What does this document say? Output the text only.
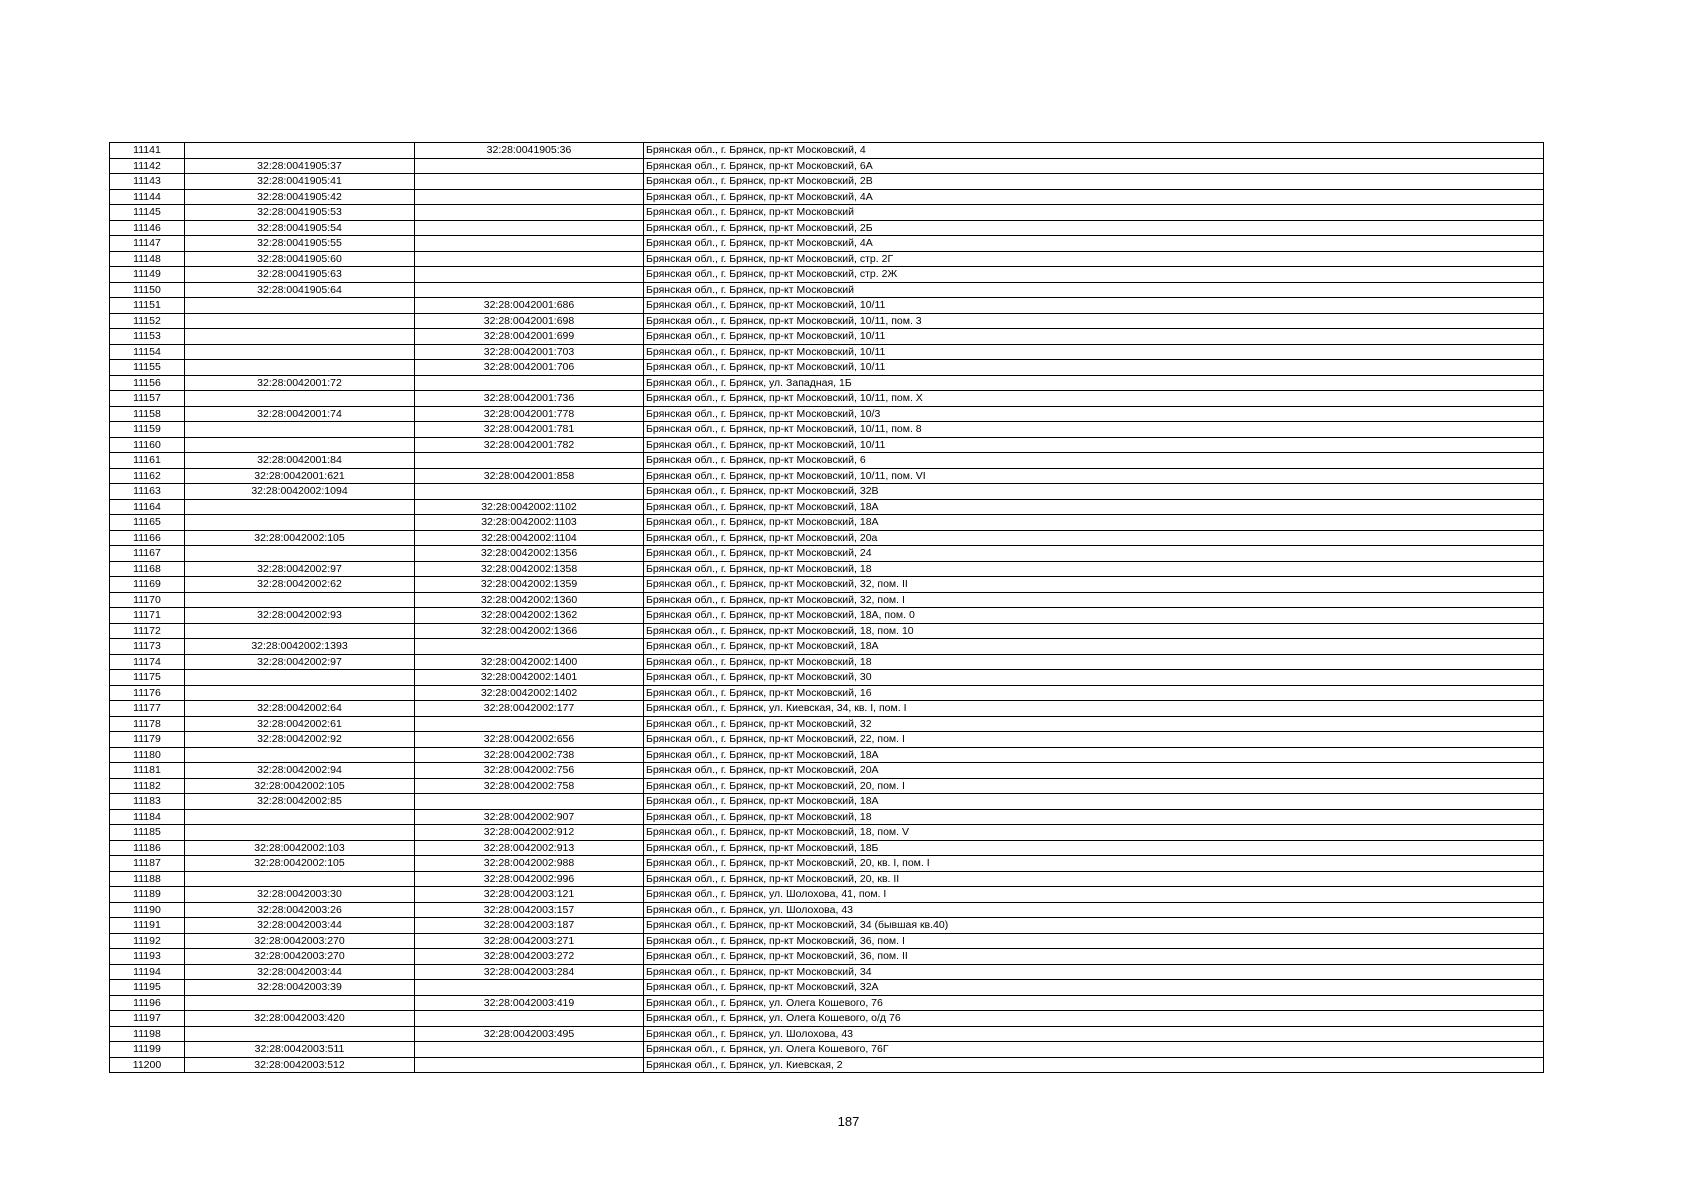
11141		32:28:0041905:36	Брянская обл., г. Брянск, пр-кт Московский, 4
11142	32:28:0041905:37		Брянская обл., г. Брянск, пр-кт Московский, 6А
11143	32:28:0041905:41		Брянская обл., г. Брянск, пр-кт Московский, 2В
11144	32:28:0041905:42		Брянская обл., г. Брянск, пр-кт Московский, 4А
11145	32:28:0041905:53		Брянская обл., г. Брянск, пр-кт Московский
11146	32:28:0041905:54		Брянская обл., г. Брянск, пр-кт Московский, 2Б
11147	32:28:0041905:55		Брянская обл., г. Брянск, пр-кт Московский, 4А
11148	32:28:0041905:60		Брянская обл., г. Брянск, пр-кт Московский, стр. 2Г
11149	32:28:0041905:63		Брянская обл., г. Брянск, пр-кт Московский, стр. 2Ж
11150	32:28:0041905:64		Брянская обл., г. Брянск, пр-кт Московский
11151		32:28:0042001:686	Брянская обл., г. Брянск, пр-кт Московский, 10/11
11152		32:28:0042001:698	Брянская обл., г. Брянск, пр-кт Московский, 10/11, пом. 3
11153		32:28:0042001:699	Брянская обл., г. Брянск, пр-кт Московский, 10/11
11154		32:28:0042001:703	Брянская обл., г. Брянск, пр-кт Московский, 10/11
11155		32:28:0042001:706	Брянская обл., г. Брянск, пр-кт Московский, 10/11
11156	32:28:0042001:72		Брянская обл., г. Брянск, ул. Западная, 1Б
11157		32:28:0042001:736	Брянская обл., г. Брянск, пр-кт Московский, 10/11, пом. X
11158	32:28:0042001:74	32:28:0042001:778	Брянская обл., г. Брянск, пр-кт Московский, 10/3
11159		32:28:0042001:781	Брянская обл., г. Брянск, пр-кт Московский, 10/11, пом. 8
11160		32:28:0042001:782	Брянская обл., г. Брянск, пр-кт Московский, 10/11
11161	32:28:0042001:84		Брянская обл., г. Брянск, пр-кт Московский, 6
11162	32:28:0042001:621	32:28:0042001:858	Брянская обл., г. Брянск, пр-кт Московский, 10/11, пом. VI
11163	32:28:0042002:1094		Брянская обл., г. Брянск, пр-кт Московский, 32В
11164		32:28:0042002:1102	Брянская обл., г. Брянск, пр-кт Московский, 18А
11165		32:28:0042002:1103	Брянская обл., г. Брянск, пр-кт Московский, 18А
11166	32:28:0042002:105	32:28:0042002:1104	Брянская обл., г. Брянск, пр-кт Московский, 20а
11167		32:28:0042002:1356	Брянская обл., г. Брянск, пр-кт Московский, 24
11168	32:28:0042002:97	32:28:0042002:1358	Брянская обл., г. Брянск, пр-кт Московский, 18
11169	32:28:0042002:62	32:28:0042002:1359	Брянская обл., г. Брянск, пр-кт Московский, 32, пом. II
11170		32:28:0042002:1360	Брянская обл., г. Брянск, пр-кт Московский, 32, пом. I
11171	32:28:0042002:93	32:28:0042002:1362	Брянская обл., г. Брянск, пр-кт Московский, 18А, пом. 0
11172		32:28:0042002:1366	Брянская обл., г. Брянск, пр-кт Московский, 18, пом. 10
11173	32:28:0042002:1393		Брянская обл., г. Брянск, пр-кт Московский, 18А
11174	32:28:0042002:97	32:28:0042002:1400	Брянская обл., г. Брянск, пр-кт Московский, 18
11175		32:28:0042002:1401	Брянская обл., г. Брянск, пр-кт Московский, 30
11176		32:28:0042002:1402	Брянская обл., г. Брянск, пр-кт Московский, 16
11177	32:28:0042002:64	32:28:0042002:177	Брянская обл., г. Брянск, ул. Киевская, 34, кв. I, пом. I
11178	32:28:0042002:61		Брянская обл., г. Брянск, пр-кт Московский, 32
11179	32:28:0042002:92	32:28:0042002:656	Брянская обл., г. Брянск, пр-кт Московский, 22, пом. I
11180		32:28:0042002:738	Брянская обл., г. Брянск, пр-кт Московский, 18А
11181	32:28:0042002:94	32:28:0042002:756	Брянская обл., г. Брянск, пр-кт Московский, 20А
11182	32:28:0042002:105	32:28:0042002:758	Брянская обл., г. Брянск, пр-кт Московский, 20, пом. I
11183	32:28:0042002:85		Брянская обл., г. Брянск, пр-кт Московский, 18А
11184		32:28:0042002:907	Брянская обл., г. Брянск, пр-кт Московский, 18
11185		32:28:0042002:912	Брянская обл., г. Брянск, пр-кт Московский, 18, пом. V
11186	32:28:0042002:103	32:28:0042002:913	Брянская обл., г. Брянск, пр-кт Московский, 18Б
11187	32:28:0042002:105	32:28:0042002:988	Брянская обл., г. Брянск, пр-кт Московский, 20, кв. I, пом. I
11188		32:28:0042002:996	Брянская обл., г. Брянск, пр-кт Московский, 20, кв. II
11189	32:28:0042003:30	32:28:0042003:121	Брянская обл., г. Брянск, ул. Шолохова, 41, пом. I
11190	32:28:0042003:26	32:28:0042003:157	Брянская обл., г. Брянск, ул. Шолохова, 43
11191	32:28:0042003:44	32:28:0042003:187	Брянская обл., г. Брянск, пр-кт Московский, 34 (бывшая кв.40)
11192	32:28:0042003:270	32:28:0042003:271	Брянская обл., г. Брянск, пр-кт Московский, 36, пом. I
11193	32:28:0042003:270	32:28:0042003:272	Брянская обл., г. Брянск, пр-кт Московский, 36, пом. II
11194	32:28:0042003:44	32:28:0042003:284	Брянская обл., г. Брянск, пр-кт Московский, 34
11195	32:28:0042003:39		Брянская обл., г. Брянск, пр-кт Московский, 32А
11196		32:28:0042003:419	Брянская обл., г. Брянск, ул. Олега Кошевого, 76
11197	32:28:0042003:420		Брянская обл., г. Брянск, ул. Олега Кошевого, о/д 76
11198		32:28:0042003:495	Брянская обл., г. Брянск, ул. Шолохова, 43
11199	32:28:0042003:511		Брянская обл., г. Брянск, ул. Олега Кошевого, 76Г
11200	32:28:0042003:512		Брянская обл., г. Брянск, ул. Киевская, 2
187
